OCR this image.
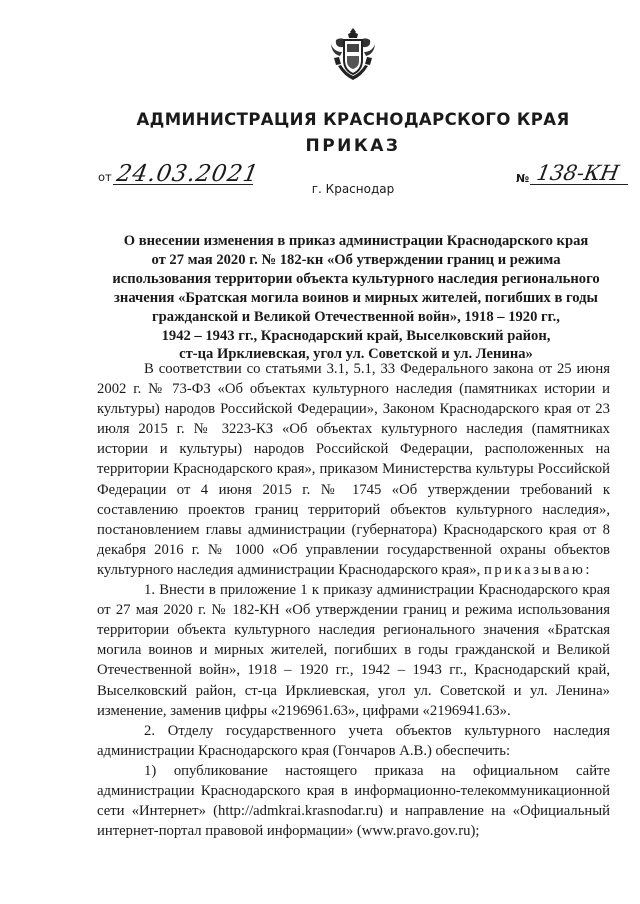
АДМИНИСТРАЦИЯ КРАСНОДАРСКОГО КРАЯ
ПРИКАЗ
от 24.03.2021	№ 138-КН
г. Краснодар
О внесении изменения в приказ администрации Краснодарского края
от 27 мая 2020 г. № 182-кн «Об утверждении границ и режима
использования территории объекта культурного наследия регионального
значения «Братская могила воинов и мирных жителей, погибших в годы
гражданской и Великой Отечественной войн», 1918 – 1920 гг.,
1942 – 1943 гг., Краснодарский край, Выселковский район,
ст-ца Ирклиевская, угол ул. Советской и ул. Ленина»

В соответствии со статьями 3.1, 5.1, 33 Федерального закона от 25 июня 2002 г. № 73-ФЗ «Об объектах культурного наследия (памятниках истории и культуры) народов Российской Федерации», Законом Краснодарского края от 23 июля 2015 г. № 3223-КЗ «Об объектах культурного наследия (памятниках истории и культуры) народов Российской Федерации, расположенных на территории Краснодарского края», приказом Министерства культуры Российской Федерации от 4 июня 2015 г. № 1745 «Об утверждении требований к составлению проектов границ территорий объектов культурного наследия», постановлением главы администрации (губернатора) Краснодарского края от 8 декабря 2016 г. № 1000 «Об управлении государственной охраны объектов культурного наследия администрации Краснодарского края», приказываю:

1. Внести в приложение 1 к приказу администрации Краснодарского края от 27 мая 2020 г. № 182-КН «Об утверждении границ и режима использования территории объекта культурного наследия регионального значения «Братская могила воинов и мирных жителей, погибших в годы гражданской и Великой Отечественной войн», 1918 – 1920 гг., 1942 – 1943 гг., Краснодарский край, Выселковский район, ст-ца Ирклиевская, угол ул. Советской и ул. Ленина» изменение, заменив цифры «2196961.63», цифрами «2196941.63».

2. Отделу государственного учета объектов культурного наследия администрации Краснодарского края (Гончаров А.В.) обеспечить:

1) опубликование настоящего приказа на официальном сайте администрации Краснодарского края в информационно-телекоммуникационной сети «Интернет» (http://admkrai.krasnodar.ru) и направление на «Официальный интернет-портал правовой информации» (www.pravo.gov.ru);
